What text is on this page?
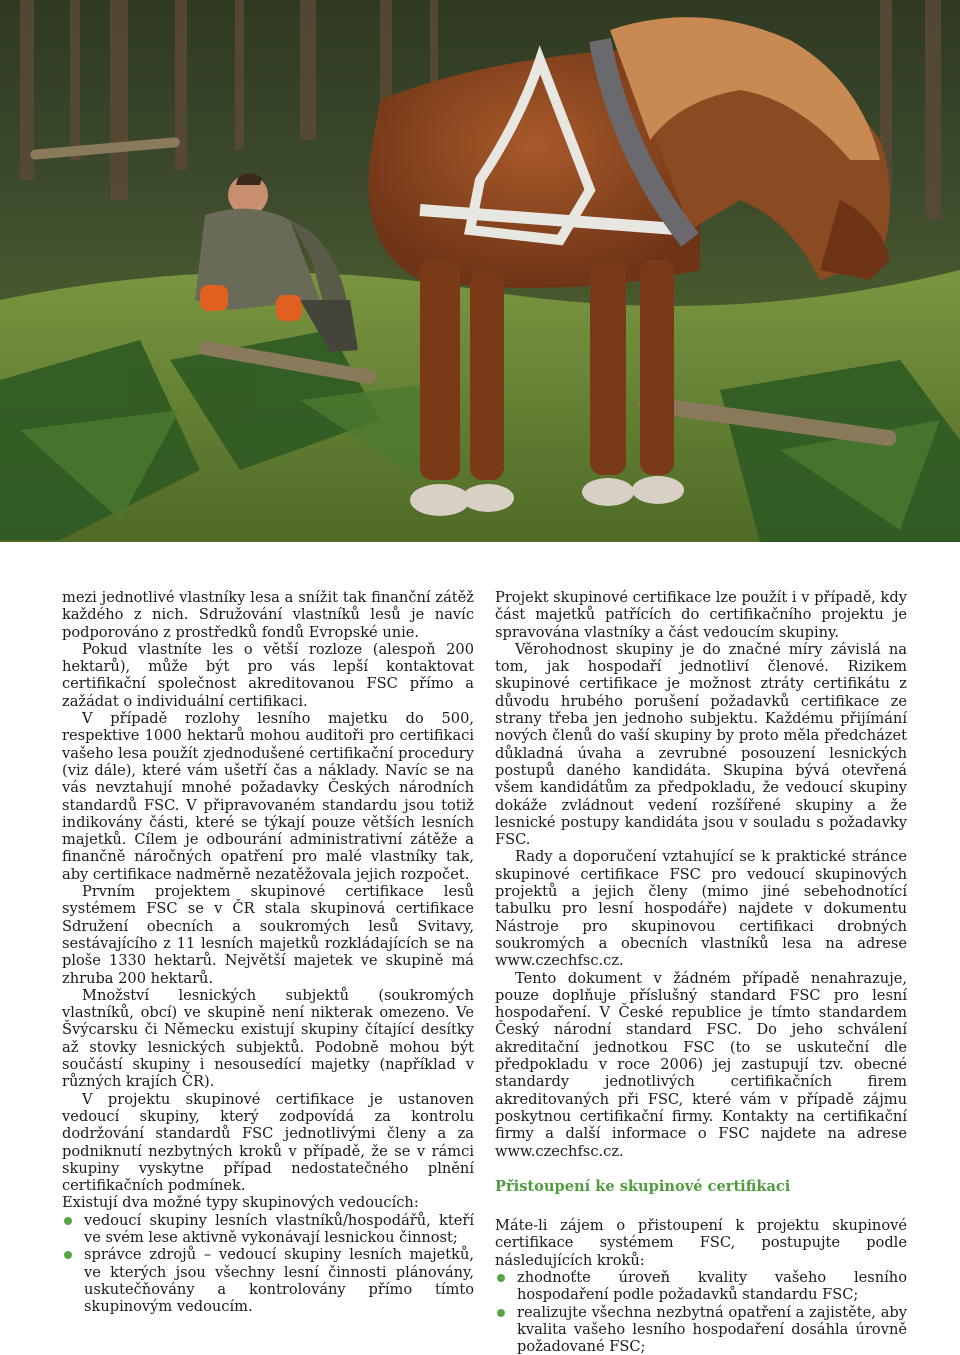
mezi jednotlivé vlastníky lesa a snížit tak finanční zátěž každého z nich. Sdružování vlastníků lesů je navíc podporováno z prostředků fondů Evropské unie.

Pokud vlastníte les o větší rozloze (alespoň 200 hektarů), může být pro vás lepší kontaktovat certifikační společnost akreditovanou FSC přímo a zažádat o individuální certifikaci.

V případě rozlohy lesního majetku do 500, respektive 1000 hektarů mohou auditoři pro certifikaci vašeho lesa použít zjednodušené certifikační procedury (viz dále), které vám ušetří čas a náklady. Navíc se na vás nevztahují mnohé požadavky Českých národních standardů FSC. V připravovaném standardu jsou totiž indikovány části, které se týkají pouze větších lesních majetků. Cílem je odbourání administrativní zátěže a finančně náročných opatření pro malé vlastníky tak, aby certifikace nadměrně nezatěžovala jejich rozpočet.

Prvním projektem skupinové certifikace lesů systémem FSC se v ČR stala skupinová certifikace Sdružení obecních a soukromých lesů Svitavy, sestávajícího z 11 lesních majetků rozkládajících se na ploše 1330 hektarů. Největší majetek ve skupině má zhruba 200 hektarů.

Množství lesnických subjektů (soukromých vlastníků, obcí) ve skupině není nikterak omezeno. Ve Švýcarsku či Německu existují skupiny čítající desítky až stovky lesnických subjektů. Podobně mohou být součástí skupiny i nesousedící majetky (například v různých krajích ČR).

V projektu skupinové certifikace je ustanoven vedoucí skupiny, který zodpovídá za kontrolu dodržování standardů FSC jednotlivými členy a za podniknutí nezbytných kroků v případě, že se v rámci skupiny vyskytne případ nedostatečného plnění certifikačních podmínek.

Existují dva možné typy skupinových vedoucích:

vedoucí skupiny lesních vlastníků/hospodářů, kteří ve svém lese aktivně vykonávají lesnickou činnost;
správce zdrojů – vedoucí skupiny lesních majetků, ve kterých jsou všechny lesní činnosti plánovány, uskutečňovány a kontrolovány přímo tímto skupinovým vedoucím.

Projekt skupinové certifikace lze použít i v případě, kdy část majetků patřících do certifikačního projektu je spravována vlastníky a část vedoucím skupiny.

Věrohodnost skupiny je do značné míry závislá na tom, jak hospodaří jednotliví členové. Rizikem skupinové certifikace je možnost ztráty certifikátu z důvodu hrubého porušení požadavků certifikace ze strany třeba jen jednoho subjektu. Každému přijímání nových členů do vaší skupiny by proto měla předcházet důkladná úvaha a zevrubné posouzení lesnických postupů daného kandidáta. Skupina bývá otevřená všem kandidátům za předpokladu, že vedoucí skupiny dokáže zvládnout vedení rozšířené skupiny a že lesnické postupy kandidáta jsou v souladu s požadavky FSC.

Rady a doporučení vztahující se k praktické stránce skupinové certifikace FSC pro vedoucí skupinových projektů a jejich členy (mimo jiné sebehodnotící tabulku pro lesní hospodáře) najdete v dokumentu Nástroje pro skupinovou certifikaci drobných soukromých a obecních vlastníků lesa na adrese www.czechfsc.cz.

Tento dokument v žádném případě nenahrazuje, pouze doplňuje příslušný standard FSC pro lesní hospodaření. V České republice je tímto standardem Český národní standard FSC. Do jeho schválení akreditační jednotkou FSC (to se uskuteční dle předpokladu v roce 2006) jej zastupují tzv. obecné standardy jednotlivých certifikačních firem akreditovaných při FSC, které vám v případě zájmu poskytnou certifikační firmy. Kontakty na certifikační firmy a další informace o FSC najdete na adrese www.czechfsc.cz.

Přistoupení ke skupinové certifikaci

Máte-li zájem o přistoupení k projektu skupinové certifikace systémem FSC, postupujte podle následujících kroků:

zhodnoťte úroveň kvality vašeho lesního hospodaření podle požadavků standardu FSC;
realizujte všechna nezbytná opatření a zajistěte, aby kvalita vašeho lesního hospodaření dosáhla úrovně požadované FSC;
